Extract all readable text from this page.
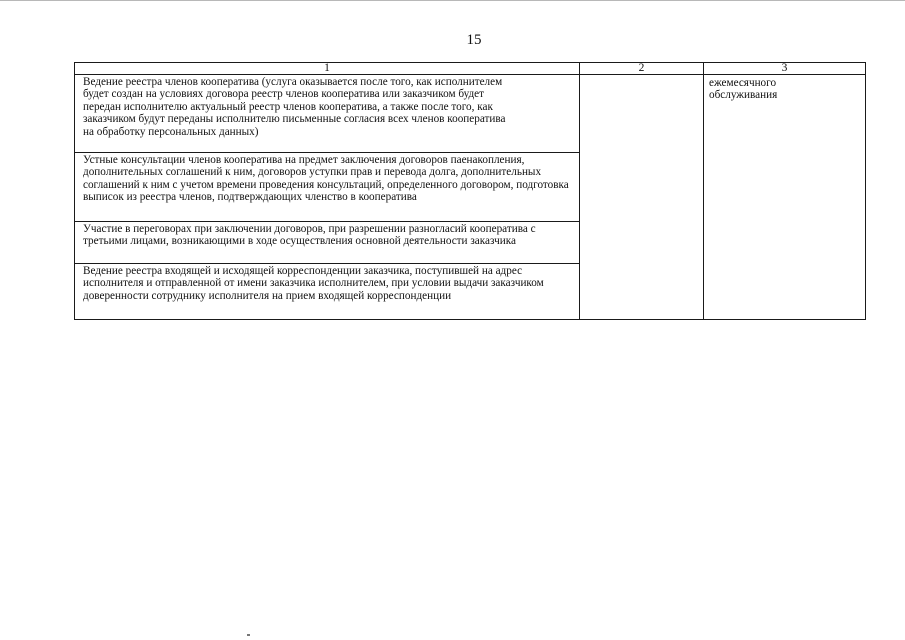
15
1	2	3

Ведение реестра членов кооператива (услуга оказывается после того, как исполнителем будет создан на условиях договора реестр членов кооператива или заказчиком будет передан исполнителю актуальный реестр членов кооператива, а также после того, как заказчиком будут переданы исполнителю письменные согласия всех членов кооператива на обработку персональных данных)		ежемесячного обслуживания

Устные консультации членов кооператива на предмет заключения договоров паенакопления, дополнительных соглашений к ним, договоров уступки прав и перевода долга, дополнительных соглашений к ним с учетом времени проведения консультаций, определенного договором, подготовка выписок из реестра членов, подтверждающих членство в кооператива		

Участие в переговорах при заключении договоров, при разрешении разногласий кооператива с третьими лицами, возникающими в ходе осуществления основной деятельности заказчика		

Ведение реестра входящей и исходящей корреспонденции заказчика, поступившей на адрес исполнителя и отправленной от имени заказчика исполнителем, при условии выдачи заказчиком доверенности сотруднику исполнителя на прием входящей корреспонденции		
